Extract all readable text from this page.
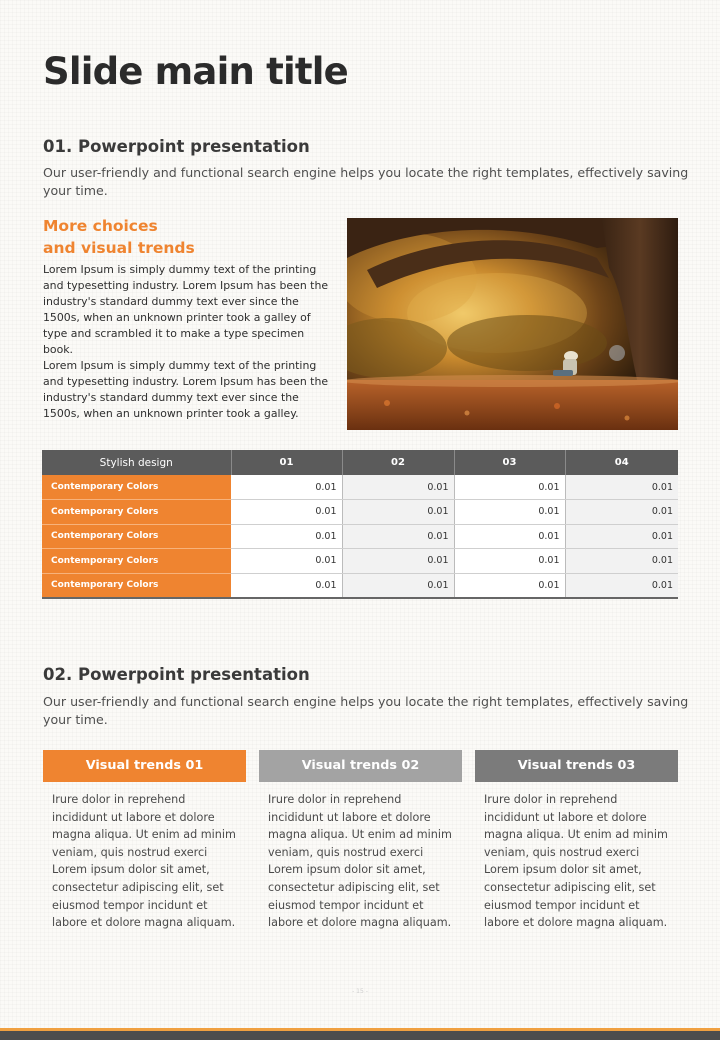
Slide main title
01. Powerpoint presentation

Our user-friendly and functional search engine helps you locate the right templates, effectively saving your time.

More choices
and visual trends

Lorem Ipsum is simply dummy text of the printing and typesetting industry. Lorem Ipsum has been the industry's standard dummy text ever since the 1500s, when an unknown printer took a galley of type and scrambled it to make a type specimen book.

Lorem Ipsum is simply dummy text of the printing and typesetting industry. Lorem Ipsum has been the industry's standard dummy text ever since the 1500s, when an unknown printer took a galley.

Stylish design	01	02	03	04
Contemporary Colors	0.01	0.01	0.01	0.01
Contemporary Colors	0.01	0.01	0.01	0.01
Contemporary Colors	0.01	0.01	0.01	0.01
Contemporary Colors	0.01	0.01	0.01	0.01
Contemporary Colors	0.01	0.01	0.01	0.01
02. Powerpoint presentation

Our user-friendly and functional search engine helps you locate the right templates, effectively saving your time.

Visual trends 01
Irure dolor in reprehend incididunt ut labore et dolore magna aliqua. Ut enim ad minim veniam, quis nostrud exerci Lorem ipsum dolor sit amet, consectetur adipiscing elit, set eiusmod tempor incidunt et labore et dolore magna aliquam.
Visual trends 02
Irure dolor in reprehend incididunt ut labore et dolore magna aliqua. Ut enim ad minim veniam, quis nostrud exerci Lorem ipsum dolor sit amet, consectetur adipiscing elit, set eiusmod tempor incidunt et labore et dolore magna aliquam.
Visual trends 03
Irure dolor in reprehend incididunt ut labore et dolore magna aliqua. Ut enim ad minim veniam, quis nostrud exerci Lorem ipsum dolor sit amet, consectetur adipiscing elit, set eiusmod tempor incidunt et labore et dolore magna aliquam.
- 15 -
